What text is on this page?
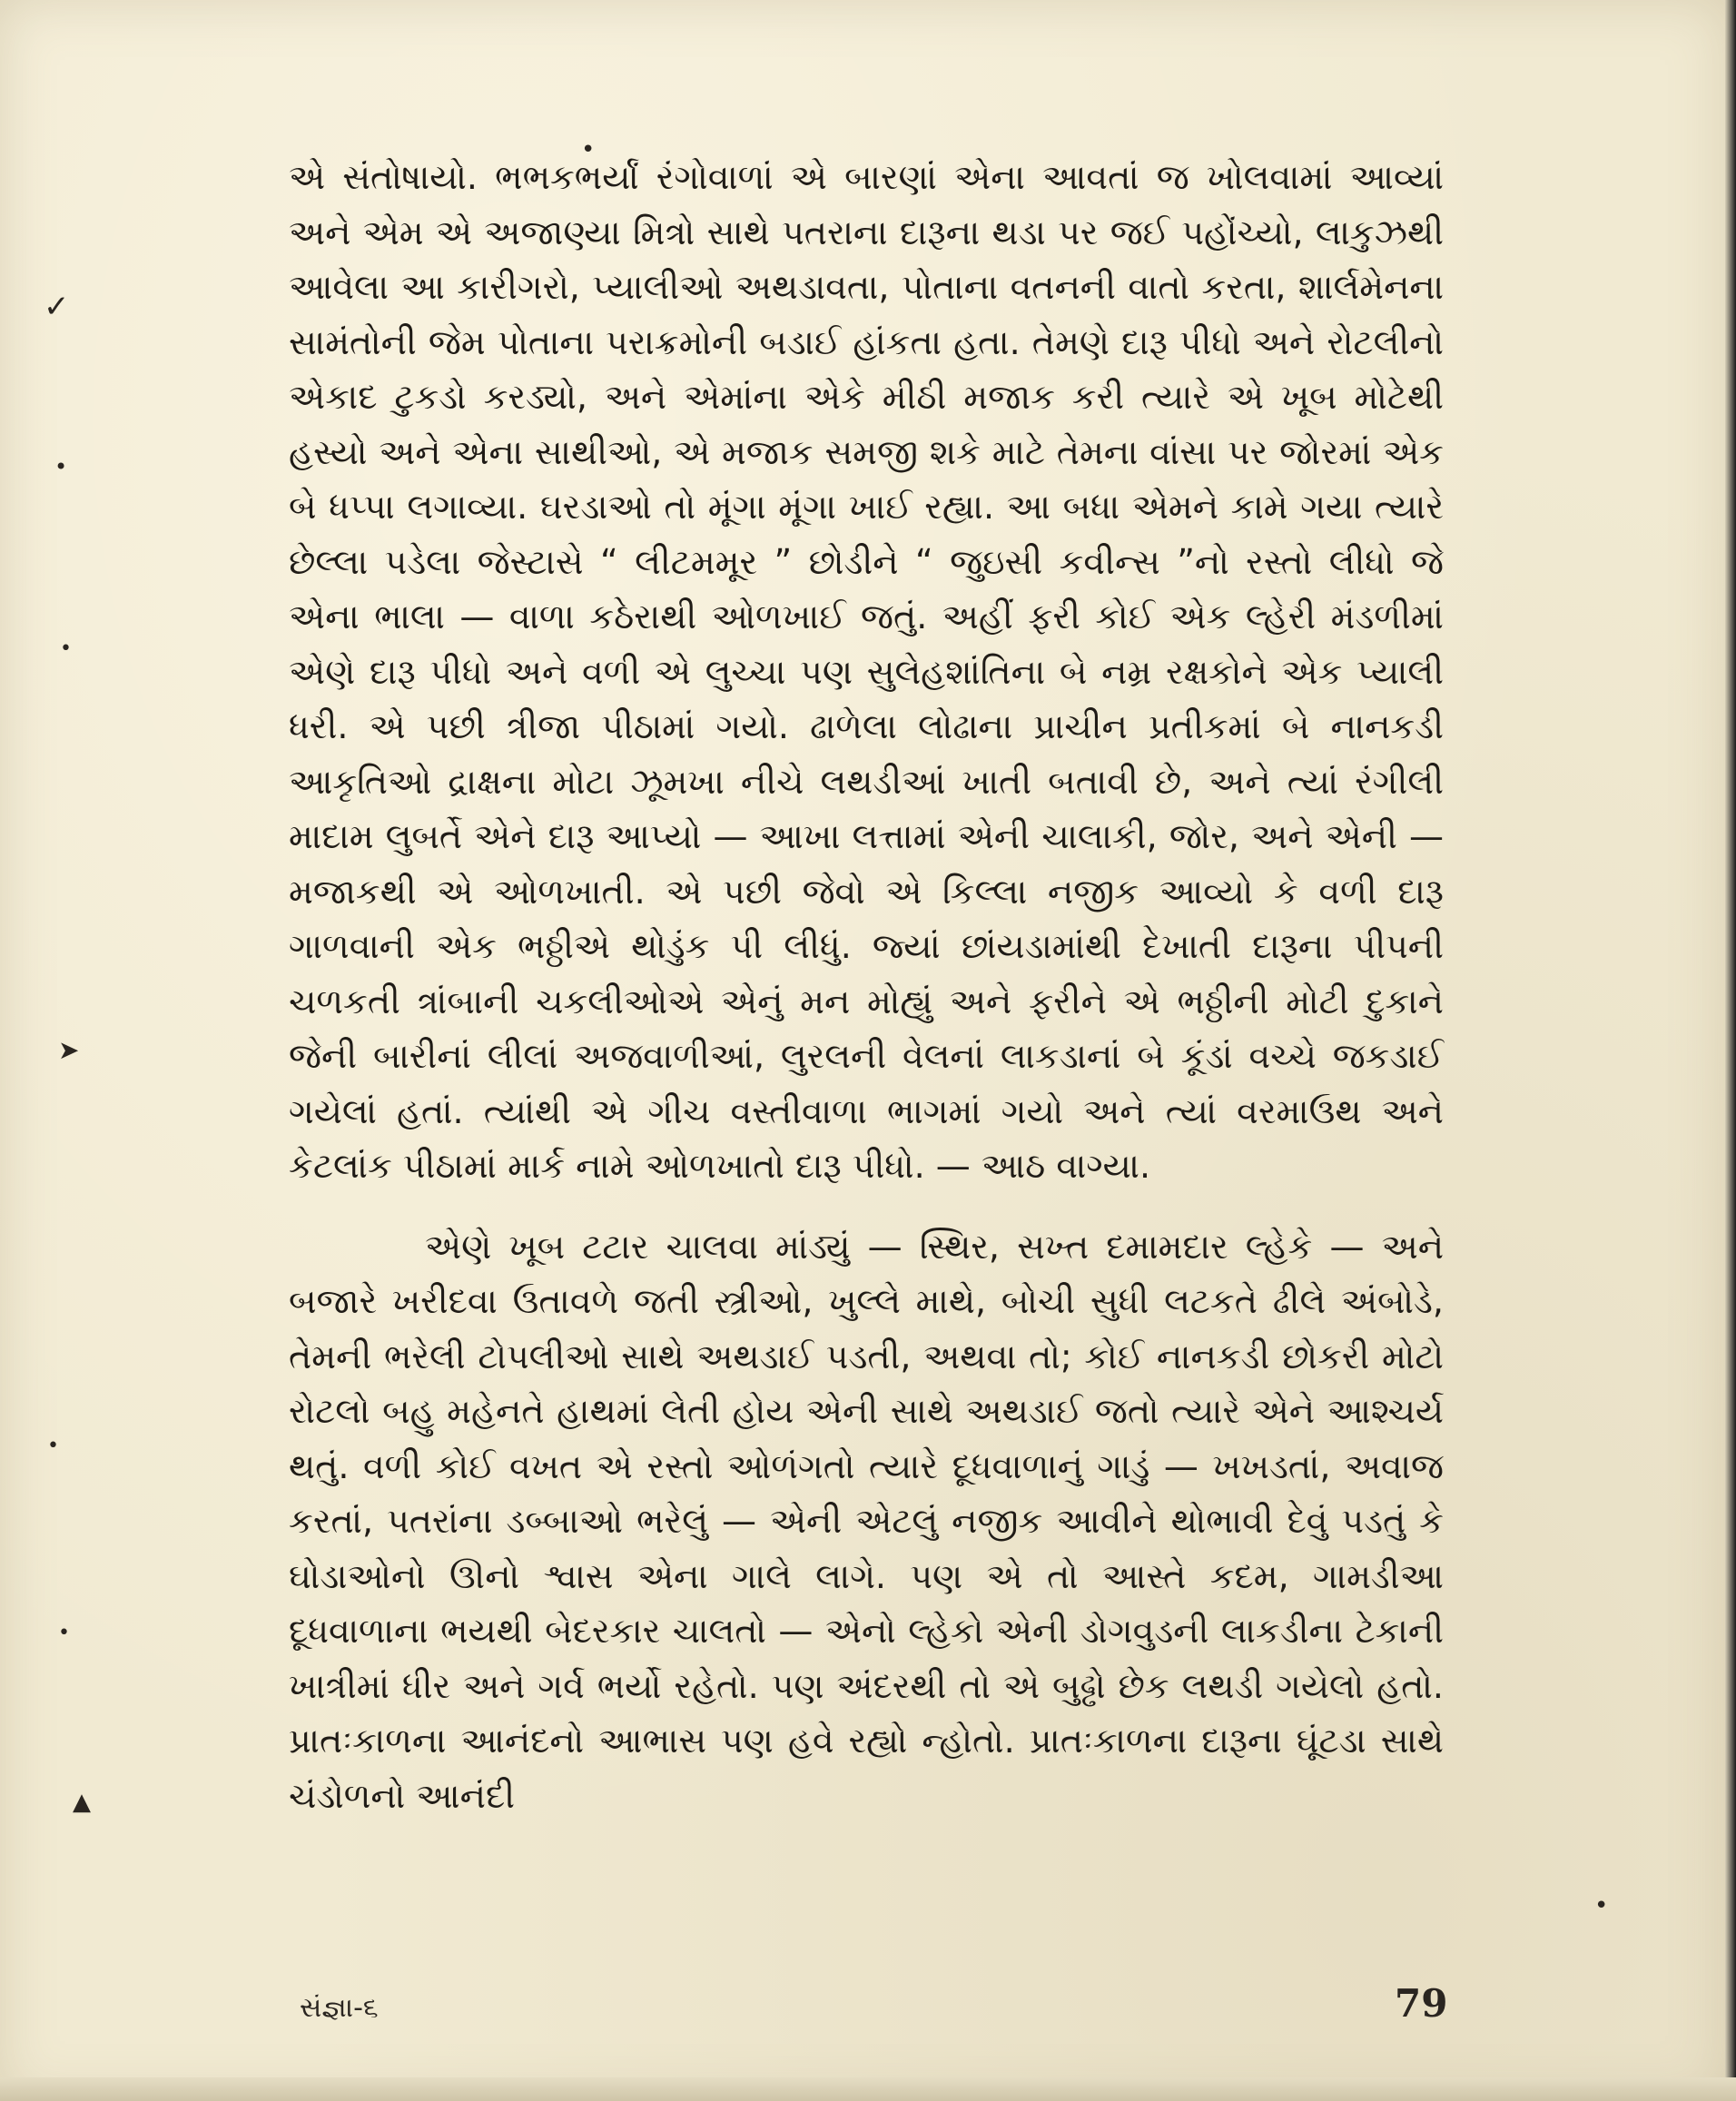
એ સંતોષાયો. ભભકભર્યાં રંગોવાળાં એ બારણાં એના આવતાં જ ખોલવામાં આવ્યાં અને એમ એ અજાણ્યા મિત્રો સાથે પતરાના દારૂના થડા પર જઈ પહોંચ્યો, લાકુઝથી આવેલા આ કારીગરો, પ્યાલીઓ અથડાવતા, પોતાના વતનની વાતો કરતા, શાર્લમેનના સામંતોની જેમ પોતાના પરાક્રમોની બડાઈ હાંકતા હતા. તેમણે દારૂ પીધો અને રોટલીનો એકાદ ટુકડો કરડ્યો, અને એમાંના એકે મીઠી મજાક કરી ત્યારે એ ખૂબ મોટેથી હસ્યો અને એના સાથીઓ, એ મજાક સમજી શકે માટે તેમના વાંસા પર જોરમાં એક બે ધપ્પા લગાવ્યા. ઘરડાઓ તો મૂંગા મૂંગા ખાઈ રહ્યા. આ બધા એમને કામે ગયા ત્યારે છેલ્લા પડેલા જેસ્ટાસે “ લીટમમૂર ” છોડીને “ જુઇસી કવીન્સ ”નો રસ્તો લીધો જે એના ભાલા — વાળા કઠેરાથી ઓળખાઈ જતું. અહીં ફરી કોઈ એક લ્હેરી મંડળીમાં એણે દારૂ પીધો અને વળી એ લુચ્ચા પણ સુલેહશાંતિના બે નમ્ર રક્ષકોને એક પ્યાલી ધરી. એ પછી ત્રીજા પીઠામાં ગયો. ઢાળેલા લોઢાના પ્રાચીન પ્રતીકમાં બે નાનકડી આકૃતિઓ દ્રાક્ષના મોટા ઝૂમખા નીચે લથડીઆં ખાતી બતાવી છે, અને ત્યાં રંગીલી માદામ લુબર્તે એને દારૂ આપ્યો — આખા લત્તામાં એની ચાલાકી, જોર, અને એની — મજાકથી એ ઓળખાતી. એ પછી જેવો એ કિલ્લા નજીક આવ્યો કે વળી દારૂ ગાળવાની એક ભઠ્ઠીએ થોડુંક પી લીધું. જ્યાં છાંયડામાંથી દેખાતી દારૂના પીપની ચળકતી ત્રાંબાની ચકલીઓએ એનું મન મોહ્યું અને ફરીને એ ભઠ્ઠીની મોટી દુકાને જેની બારીનાં લીલાં અજવાળીઆં, લુરલની વેલનાં લાકડાનાં બે કૂંડાં વચ્ચે જકડાઈ ગયેલાં હતાં. ત્યાંથી એ ગીચ વસ્તીવાળા ભાગમાં ગયો અને ત્યાં વરમાઉથ અને કેટલાંક પીઠામાં માર્ક નામે ઓળખાતો દારૂ પીધો. — આઠ વાગ્યા.

એણે ખૂબ ટટાર ચાલવા માંડ્યું — સ્થિર, સખ્ત દમામદાર લ્હેકે — અને બજારે ખરીદવા ઉતાવળે જતી સ્ત્રીઓ, ખુલ્લે માથે, બોચી સુધી લટકતે ઢીલે અંબોડે, તેમની ભરેલી ટોપલીઓ સાથે અથડાઈ પડતી, અથવા તો; કોઈ નાનકડી છોકરી મોટો રોટલો બહુ મહેનતે હાથમાં લેતી હોય એની સાથે અથડાઈ જતો ત્યારે એને આશ્ચર્ય થતું. વળી કોઈ વખત એ રસ્તો ઓળંગતો ત્યારે દૂધવાળાનું ગાડું — ખખડતાં, અવાજ કરતાં, પતરાંના ડબ્બાઓ ભરેલું — એની એટલું નજીક આવીને થોભાવી દેવું પડતું કે ઘોડાઓનો ઊનો શ્વાસ એના ગાલે લાગે. પણ એ તો આસ્તે કદમ, ગામડીઆ દૂધવાળાના ભયથી બેદરકાર ચાલતો — એનો લ્હેકો એની ડોગવુડની લાકડીના ટેકાની ખાત્રીમાં ધીર અને ગર્વ ભર્યો રહેતો. પણ અંદરથી તો એ બુઢ્ઢો છેક લથડી ગયેલો હતો. પ્રાતઃકાળના આનંદનો આભાસ પણ હવે રહ્યો ન્હોતો. પ્રાતઃકાળના દારૂના ઘૂંટડા સાથે ચંડોળનો આનંદી

સંજ્ઞા-૬	79
✓
•
•
➤
•
•
▲
•
•
